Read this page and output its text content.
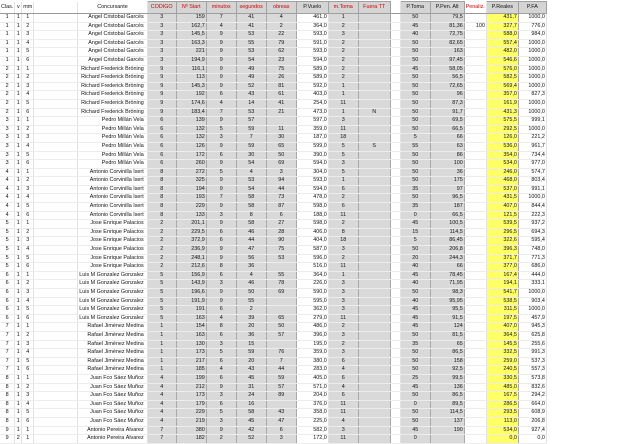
Clas.	v	mm		Concursante	CODIGO	Nº Start	minutos	segundos	obreas	P.Vuelo	m.Toma	Fuera TT		P.Toma	P.Pen. Alt	Penaliz.	P.Reales	P.FA
1	1	1		Angel Cristobal Garcés	3	159	7	41	4	461,0	1			50	79,5		431,7	1000,0
1	1	2		Angel Cristobal Garcés	3	162,7	4	41	2	364,0	2			45	81,36	100	327,7	776,0
1	1	3		Angel Cristobal Garcés	3	145,5	9	53	22	593,0	3			40	72,75		588,0	984,0
1	1	4		Angel Cristobal Garcés	3	163,3	9	55	79	591,0	2			50	82,65		557,4	1000,0
1	1	5		Angel Cristobal Garcés	3	221	9	53	62	593,0	2			50	163		482,0	1000,0
1	1	6		Angel Cristobal Garcés	3	194,9	9	54	23	594,0	2			50	97,45		546,6	1000,0
2	1	1		Richard Frederick Bröning	9	116,1	9	49	75	589,0	2			45	58,05		576,0	1000,0
2	1	2		Richard Frederick Bröning	9	113	9	49	26	589,0	2			50	56,5		582,5	1000,0
2	1	3		Richard Frederick Bröning	9	145,3	9	52	81	592,0	1			50	72,65		569,4	1000,0
2	1	4		Richard Frederick Bröning	9	192	6	43	61	403,0	1			50	96		357,0	827,3
2	1	5		Richard Frederick Bröning	9	174,6	4	14	41	254,0	11			50	87,3		161,9	1000,0
2	1	6		Richard Frederick Bröning	9	183,4	7	53	21	473,0	1	N		50	91,7		431,3	1000,0
3	1	1		Pedro Millán Vela	6	139	9	57		597,0	3			50	69,5		575,5	999,1
3	1	2		Pedro Millán Vela	6	132	5	59	11	359,0	11			50	66,5		292,5	1000,0
3	1	3		Pedro Millán Vela	6	132	3	7	30	187,0	18			5	66		126,0	221,2
3	1	4		Pedro Millán Vela	6	126	9	59	65	599,0	5	S		55	63		536,0	961,7
3	1	5		Pedro Millán Vela	6	172	6	30	50	390,0	5			50	86		354,0	734,4
3	1	6		Pedro Millán Vela	6	260	9	54	69	594,0	3			50	100		534,0	977,0
4	1	1		Antonio Corvinilla Isert	8	272	5	4	3	304,0	5			50	36		246,0	574,7
4	1	2		Antonio Corvinilla Isert	8	325	9	53	94	593,0	1			50	175		468,0	803,4
4	1	3		Antonio Corvinilla Isert	8	194	9	54	44	594,0	6			35	97		537,0	991,1
4	1	4		Antonio Corvinilla Isert	8	193	7	58	73	478,0	2			50	96,5		431,5	1000,0
4	1	5		Antonio Corvinilla Isert	8	229	9	58	87	598,0	6			35	187		407,0	844,4
4	1	6		Antonio Corvinilla Isert	8	133	3	8	6	188,0	11			0	66,5		121,5	222,3
5	1	1		Jose Enrique Palacios	2	201,1	9	58	27	598,0	2			45	100,5		539,5	937,2
5	1	2		Jose Enrique Palacios	2	229,5	6	46	28	406,0	8			15	114,5		296,5	694,3
5	1	3		Jose Enrique Palacios	2	372,9	6	44	90	404,0	18			5	86,45		322,6	595,4
5	1	4		Jose Enrique Palacios	2	236,9	9	47	75	587,0	3			50	206,8		396,3	748,0
5	1	5		Jose Enrique Palacios	2	248,1	9	56	53	596,0	2			20	244,3		371,7	771,3
5	1	6		Jose Enrique Palacios	2	212,6	8	36		516,0	11			40	66		377,0	686,0
6	1	1		Luis M Gonzalez Gonzalez	5	156,9	6	4	55	364,0	1			45	78,45		167,4	444,0
6	1	2		Luis M Gonzalez Gonzalez	5	143,9	3	46	78	226,0	3			40	71,95		194,1	333,1
6	1	3		Luis M Gonzalez Gonzalez	5	196,6	9	50	69	590,0	3			50	98,3		541,7	1000,0
6	1	4		Luis M Gonzalez Gonzalez	5	191,9	9	55		595,0	3			40	95,95		538,5	903,4
6	1	5		Luis M Gonzalez Gonzalez	5	191	6	2		362,0	3			45	95,5		311,5	1000,0
6	1	6		Luis M Gonzalez Gonzalez	5	163	4	39	65	279,0	11			45	91,5		197,5	457,9
7	1	1		Rafael Jiménez Medina	1	154	8	20	50	486,0	2			45	124		407,0	945,3
7	1	2		Rafael Jiménez Medina	1	163	6	36	57	396,0	3			50	81,5		364,5	625,8
7	1	3		Rafael Jiménez Medina	1	130	3	15		195,0	2			35	65		145,5	255,6
7	1	4		Rafael Jiménez Medina	1	173	5	59	76	359,0	3			50	86,5		332,5	991,3
7	1	5		Rafael Jiménez Medina	1	217	6	20	7	380,0	6			50	158		259,0	537,3
7	1	6		Rafael Jiménez Medina	1	185	4	43	44	283,0	4			50	92,5		240,5	557,3
8	1	1		Juan Fco Sáez Muñoz	4	199	6	45	59	405,0	6			25	99,5		330,5	573,8
8	1	2		Juan Fco Sáez Muñoz	4	212	9	31	57	571,0	4			45	136		485,0	832,6
8	1	3		Juan Fco Sáez Muñoz	4	173	3	24	89	204,0	6			50	86,5		167,5	294,2
8	1	4		Juan Fco Sáez Muñoz	4	179	6	16		376,0	11			0	89,5		286,5	664,0
8	1	5		Juan Fco Sáez Muñoz	4	229	5	58	43	358,0	11			50	114,5		293,5	608,9
8	1	6		Juan Fco Sáez Muñoz	4	219	3	45	47	225,0	4			50	137		113,0	206,8
9	1	1		Antonio Pereira Álvarez	7	380	9	42	6	582,0	3			45	190		534,0	927,4
9	2	1		Antonio Pereira Álvarez	7	182	2	52	3	172,0	11			0			0,0	0,0
